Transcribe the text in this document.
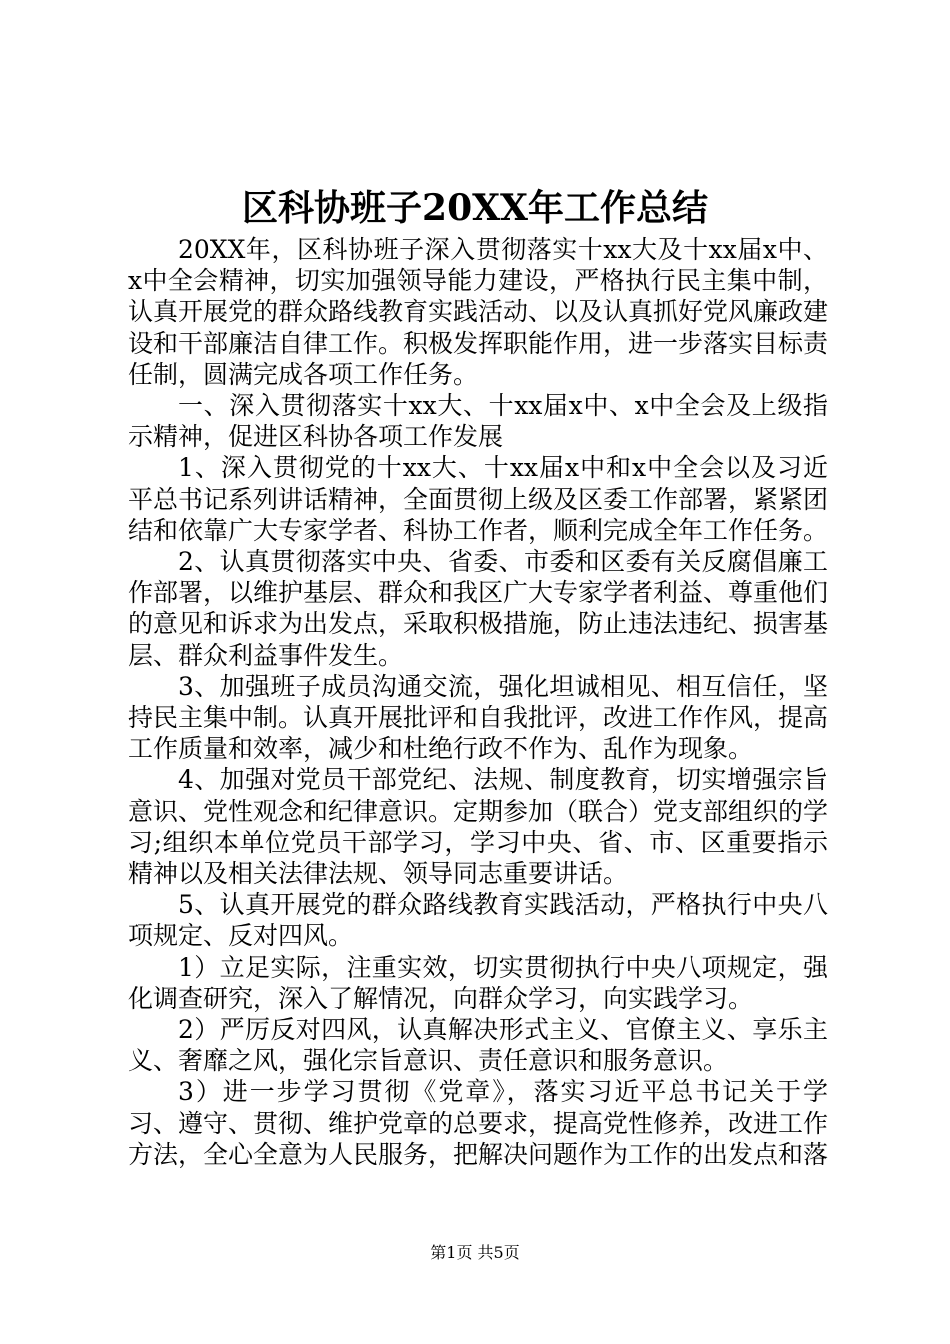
区科协班子20XX年工作总结

20XX年，区科协班子深入贯彻落实十xx大及十xx届x中、x中全会精神，切实加强领导能力建设，严格执行民主集中制，认真开展党的群众路线教育实践活动、以及认真抓好党风廉政建设和干部廉洁自律工作。积极发挥职能作用，进一步落实目标责任制，圆满完成各项工作任务。

一、深入贯彻落实十xx大、十xx届x中、x中全会及上级指示精神，促进区科协各项工作发展

1、深入贯彻党的十xx大、十xx届x中和x中全会以及习近平总书记系列讲话精神，全面贯彻上级及区委工作部署，紧紧团结和依靠广大专家学者、科协工作者，顺利完成全年工作任务。

2、认真贯彻落实中央、省委、市委和区委有关反腐倡廉工作部署，以维护基层、群众和我区广大专家学者利益、尊重他们的意见和诉求为出发点，采取积极措施，防止违法违纪、损害基层、群众利益事件发生。

3、加强班子成员沟通交流，强化坦诚相见、相互信任，坚持民主集中制。认真开展批评和自我批评，改进工作作风，提高工作质量和效率，减少和杜绝行政不作为、乱作为现象。

4、加强对党员干部党纪、法规、制度教育，切实增强宗旨意识、党性观念和纪律意识。定期参加（联合）党支部组织的学习;组织本单位党员干部学习，学习中央、省、市、区重要指示精神以及相关法律法规、领导同志重要讲话。

5、认真开展党的群众路线教育实践活动，严格执行中央八项规定、反对四风。

1）立足实际，注重实效，切实贯彻执行中央八项规定，强化调查研究，深入了解情况，向群众学习，向实践学习。

2）严厉反对四风，认真解决形式主义、官僚主义、享乐主义、奢靡之风，强化宗旨意识、责任意识和服务意识。

3）进一步学习贯彻《党章》，落实习近平总书记关于学习、遵守、贯彻、维护党章的总要求，提高党性修养，改进工作方法，全心全意为人民服务，把解决问题作为工作的出发点和落

第1页 共5页
